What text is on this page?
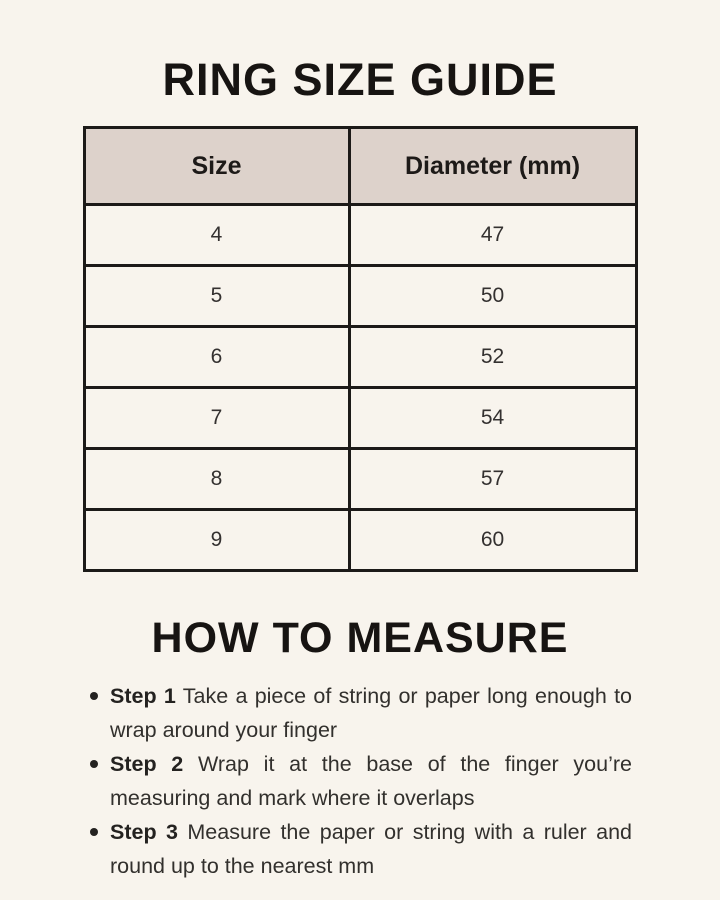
RING SIZE GUIDE
Size	Diameter (mm)
4	47
5	50
6	52
7	54
8	57
9	60
HOW TO MEASURE
Step 1 Take a piece of string or paper long enough to wrap around your finger
Step 2 Wrap it at the base of the finger you’re measuring and mark where it overlaps
Step 3 Measure the paper or string with a ruler and round up to the nearest mm
